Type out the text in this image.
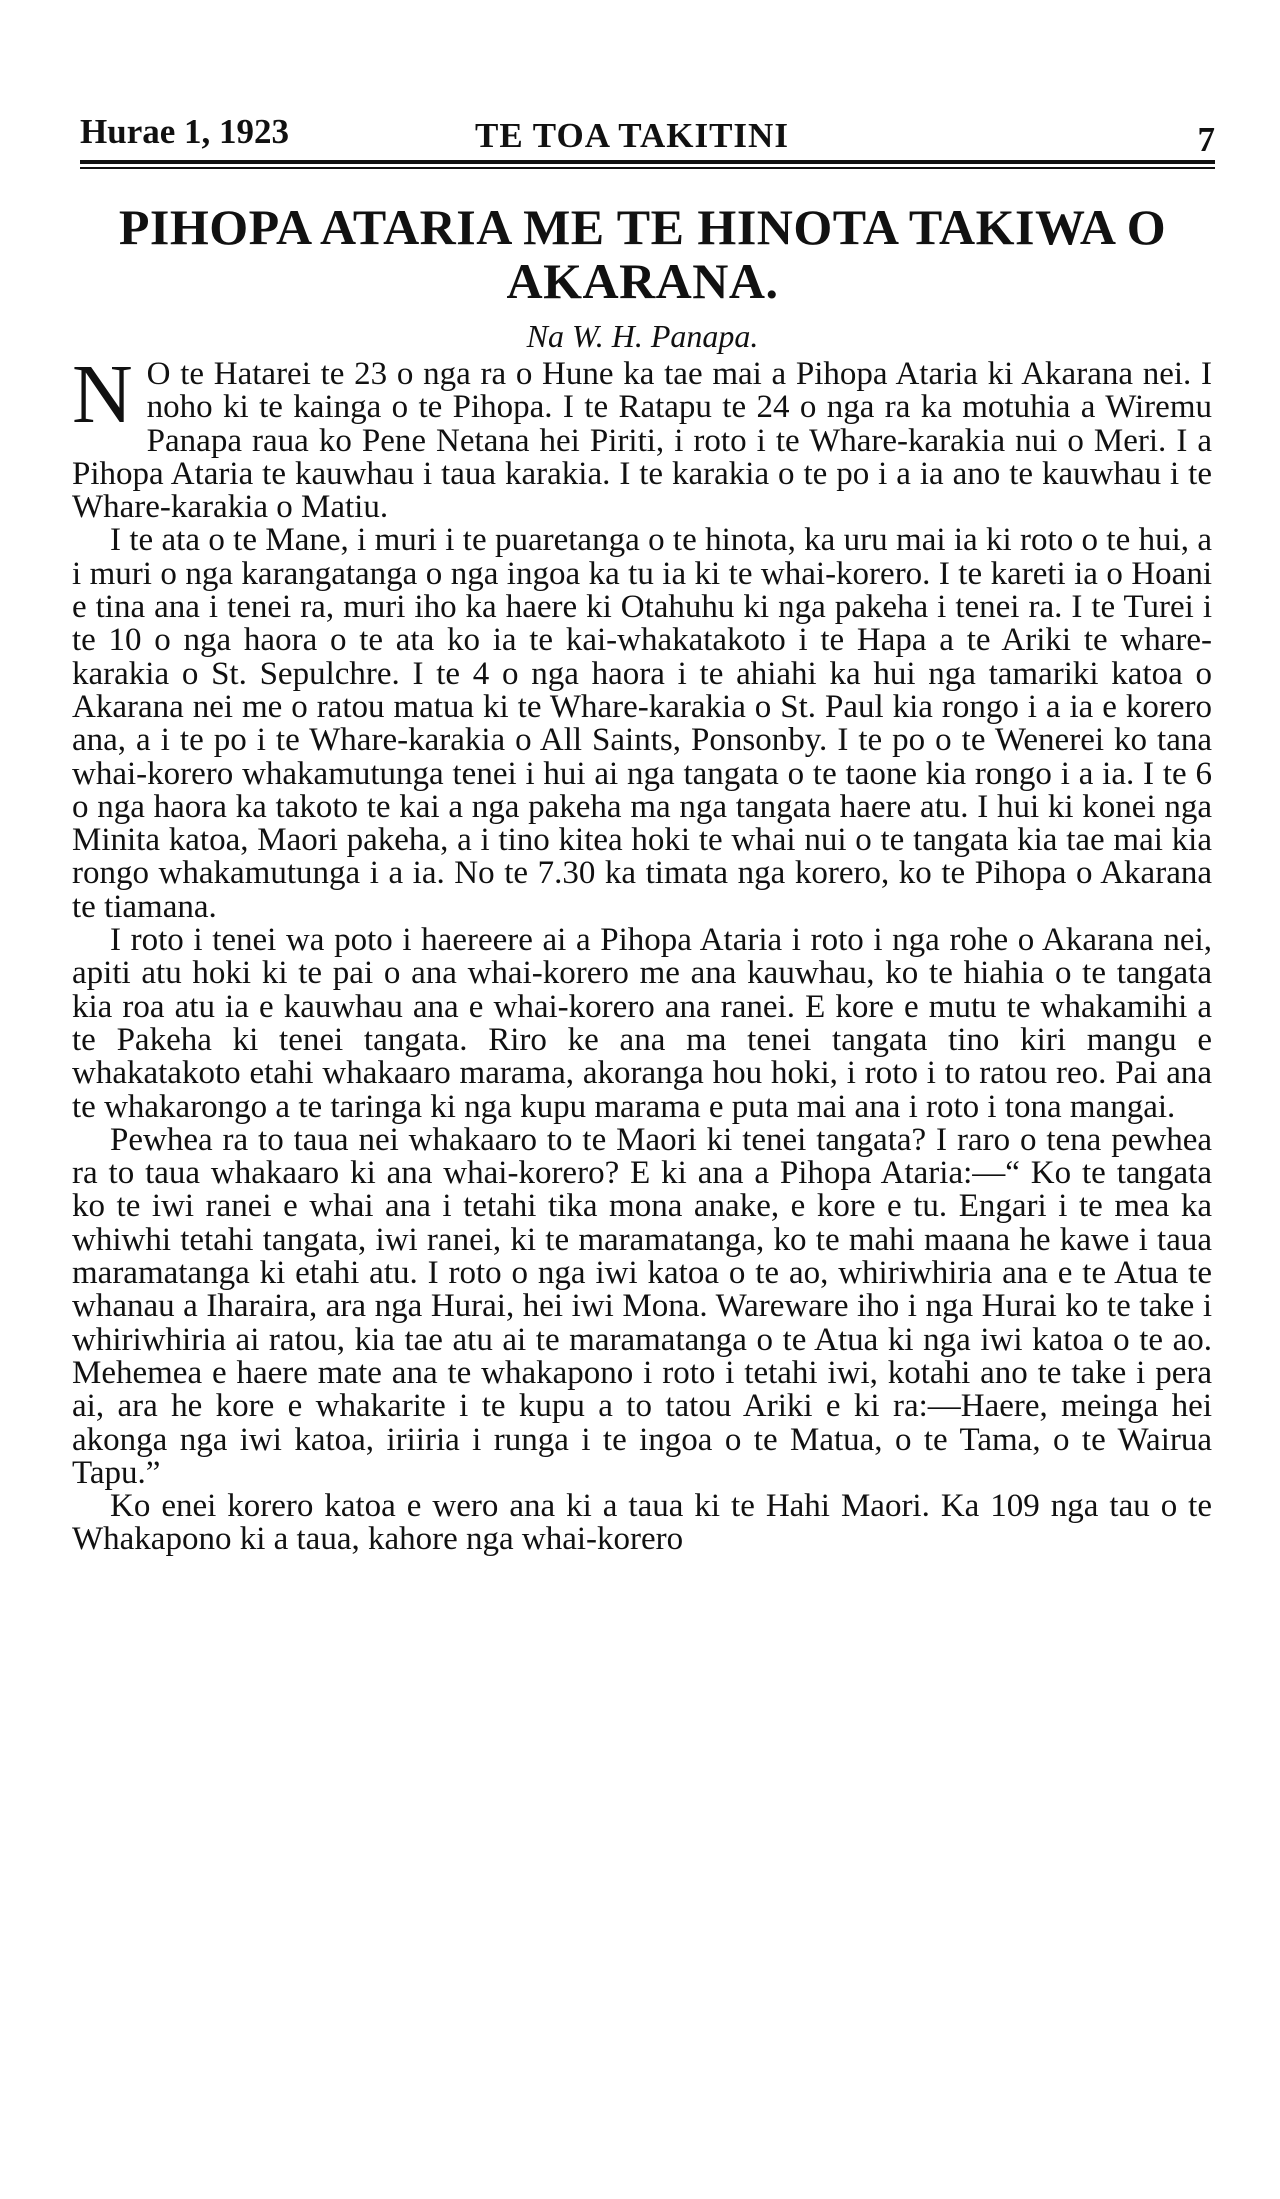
Hurae 1, 1923	TE TOA TAKITINI	7
PIHOPA ATARIA ME TE HINOTA TAKIWA O AKARANA.
Na W. H. Panapa.

N O te Hatarei te 23 o nga ra o Hune ka tae mai a Pihopa Ataria ki Akarana nei. I noho ki te kainga o te Pihopa. I te Ratapu te 24 o nga ra ka motuhia a Wiremu Panapa raua ko Pene Netana hei Piriti, i roto i te Whare-karakia nui o Meri. I a Pihopa Ataria te kauwhau i taua karakia. I te karakia o te po i a ia ano te kauwhau i te Whare-karakia o Matiu.

I te ata o te Mane, i muri i te puaretanga o te hinota, ka uru mai ia ki roto o te hui, a i muri o nga karangatanga o nga ingoa ka tu ia ki te whai-korero. I te kareti ia o Hoani e tina ana i tenei ra, muri iho ka haere ki Otahuhu ki nga pakeha i tenei ra. I te Turei i te 10 o nga haora o te ata ko ia te kai-whakatakoto i te Hapa a te Ariki te whare-karakia o St. Sepulchre. I te 4 o nga haora i te ahiahi ka hui nga tamariki katoa o Akarana nei me o ratou matua ki te Whare-karakia o St. Paul kia rongo i a ia e korero ana, a i te po i te Whare-karakia o All Saints, Ponsonby. I te po o te Wenerei ko tana whai-korero whakamutunga tenei i hui ai nga tangata o te taone kia rongo i a ia. I te 6 o nga haora ka takoto te kai a nga pakeha ma nga tangata haere atu. I hui ki konei nga Minita katoa, Maori pakeha, a i tino kitea hoki te whai nui o te tangata kia tae mai kia rongo whakamutunga i a ia. No te 7.30 ka timata nga korero, ko te Pihopa o Akarana te tiamana.

I roto i tenei wa poto i haereere ai a Pihopa Ataria i roto i nga rohe o Akarana nei, apiti atu hoki ki te pai o ana whai-korero me ana kauwhau, ko te hiahia o te tangata kia roa atu ia e kauwhau ana e whai-korero ana ranei. E kore e mutu te whakamihi a te Pakeha ki tenei tangata. Riro ke ana ma tenei tangata tino kiri mangu e whakatakoto etahi whakaaro marama, akoranga hou hoki, i roto i to ratou reo. Pai ana te whakarongo a te taringa ki nga kupu marama e puta mai ana i roto i tona mangai.

Pewhea ra to taua nei whakaaro to te Maori ki tenei tangata? I raro o tena pewhea ra to taua whakaaro ki ana whai-korero? E ki ana a Pihopa Ataria:—“ Ko te tangata ko te iwi ranei e whai ana i tetahi tika mona anake, e kore e tu. Engari i te mea ka whiwhi tetahi tangata, iwi ranei, ki te maramatanga, ko te mahi maana he kawe i taua maramatanga ki etahi atu. I roto o nga iwi katoa o te ao, whiriwhiria ana e te Atua te whanau a Iharaira, ara nga Hurai, hei iwi Mona. Wareware iho i nga Hurai ko te take i whiriwhiria ai ratou, kia tae atu ai te maramatanga o te Atua ki nga iwi katoa o te ao. Mehemea e haere mate ana te whakapono i roto i tetahi iwi, kotahi ano te take i pera ai, ara he kore e whakarite i te kupu a to tatou Ariki e ki ra:—Haere, meinga hei akonga nga iwi katoa, iriiria i runga i te ingoa o te Matua, o te Tama, o te Wairua Tapu.”

Ko enei korero katoa e wero ana ki a taua ki te Hahi Maori. Ka 109 nga tau o te Whakapono ki a taua, kahore nga whai-korero
